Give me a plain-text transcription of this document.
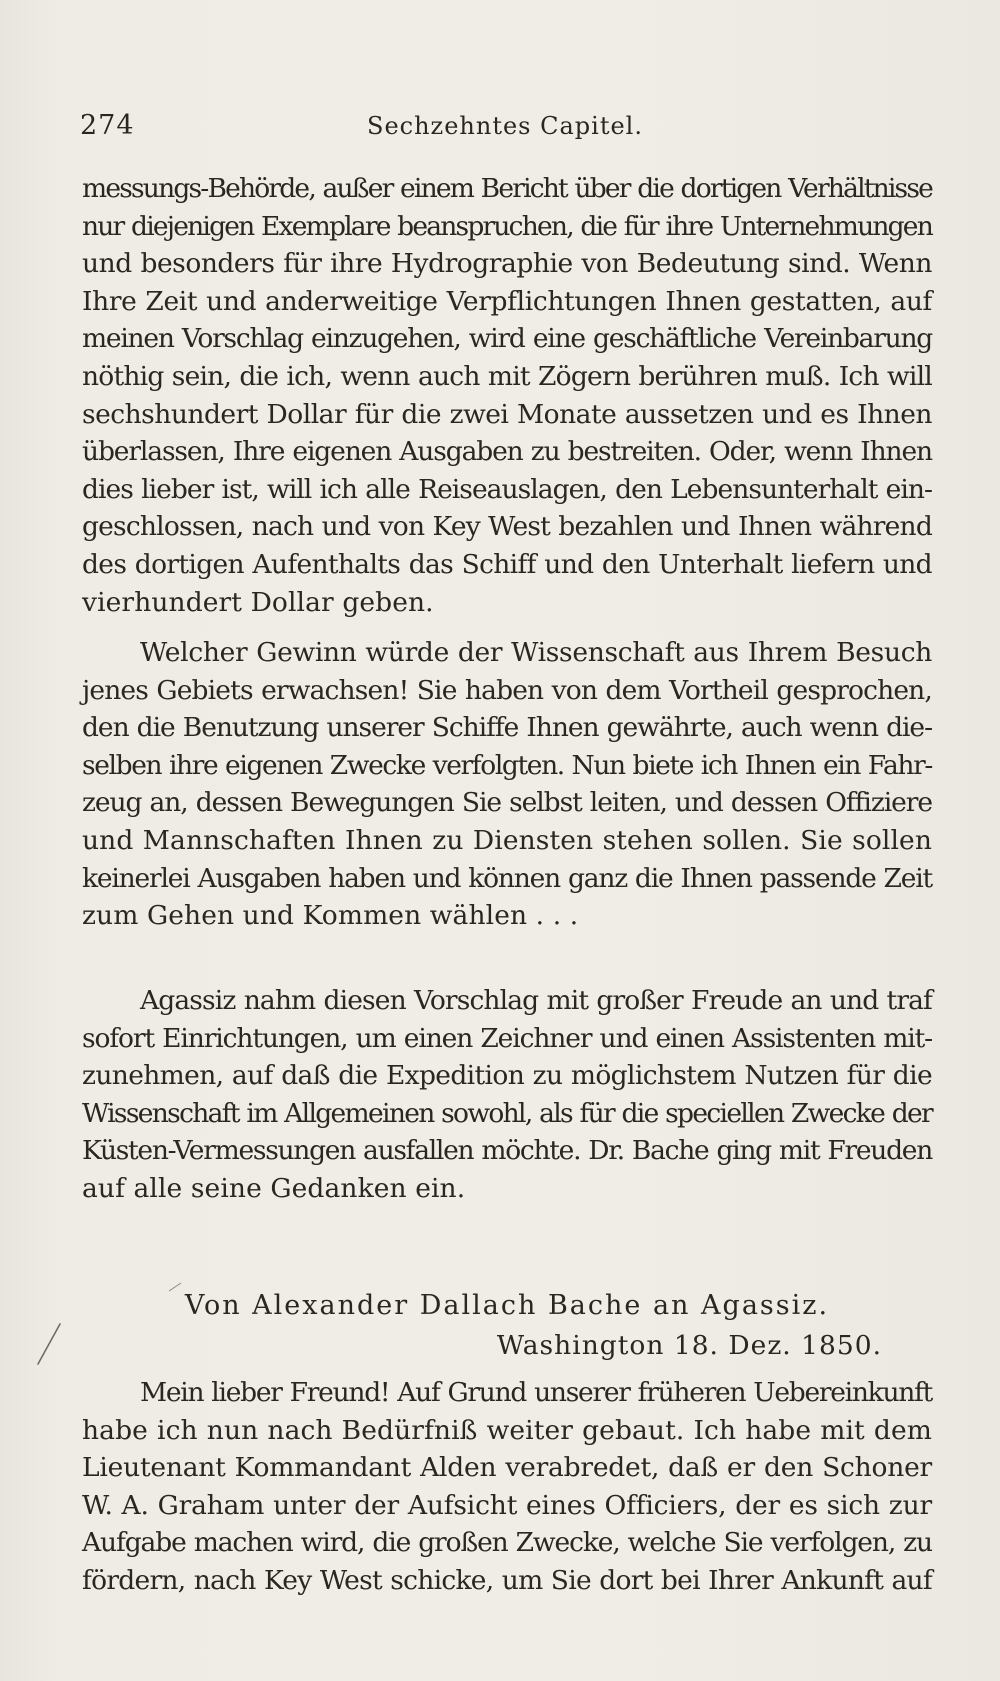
274	Sechzehntes Capitel.
messungs-Behörde, außer einem Bericht über die dortigen Verhältnisse
nur diejenigen Exemplare beanspruchen, die für ihre Unternehmungen
und besonders für ihre Hydrographie von Bedeutung sind. Wenn
Ihre Zeit und anderweitige Verpflichtungen Ihnen gestatten, auf
meinen Vorschlag einzugehen, wird eine geschäftliche Vereinbarung
nöthig sein, die ich, wenn auch mit Zögern berühren muß. Ich will
sechshundert Dollar für die zwei Monate aussetzen und es Ihnen
überlassen, Ihre eigenen Ausgaben zu bestreiten. Oder, wenn Ihnen
dies lieber ist, will ich alle Reiseauslagen, den Lebensunterhalt ein-
geschlossen, nach und von Key West bezahlen und Ihnen während
des dortigen Aufenthalts das Schiff und den Unterhalt liefern und
vierhundert Dollar geben.
Welcher Gewinn würde der Wissenschaft aus Ihrem Besuch
jenes Gebiets erwachsen! Sie haben von dem Vortheil gesprochen,
den die Benutzung unserer Schiffe Ihnen gewährte, auch wenn die-
selben ihre eigenen Zwecke verfolgten. Nun biete ich Ihnen ein Fahr-
zeug an, dessen Bewegungen Sie selbst leiten, und dessen Offiziere
und Mannschaften Ihnen zu Diensten stehen sollen. Sie sollen
keinerlei Ausgaben haben und können ganz die Ihnen passende Zeit
zum Gehen und Kommen wählen . . .
Agassiz nahm diesen Vorschlag mit großer Freude an und traf
sofort Einrichtungen, um einen Zeichner und einen Assistenten mit-
zunehmen, auf daß die Expedition zu möglichstem Nutzen für die
Wissenschaft im Allgemeinen sowohl, als für die speciellen Zwecke der
Küsten-Vermessungen ausfallen möchte. Dr. Bache ging mit Freuden
auf alle seine Gedanken ein.
Von Alexander Dallach Bache an Agassiz.
Washington 18. Dez. 1850.
Mein lieber Freund! Auf Grund unserer früheren Uebereinkunft
habe ich nun nach Bedürfniß weiter gebaut. Ich habe mit dem
Lieutenant Kommandant Alden verabredet, daß er den Schoner
W. A. Graham unter der Aufsicht eines Officiers, der es sich zur
Aufgabe machen wird, die großen Zwecke, welche Sie verfolgen, zu
fördern, nach Key West schicke, um Sie dort bei Ihrer Ankunft auf
